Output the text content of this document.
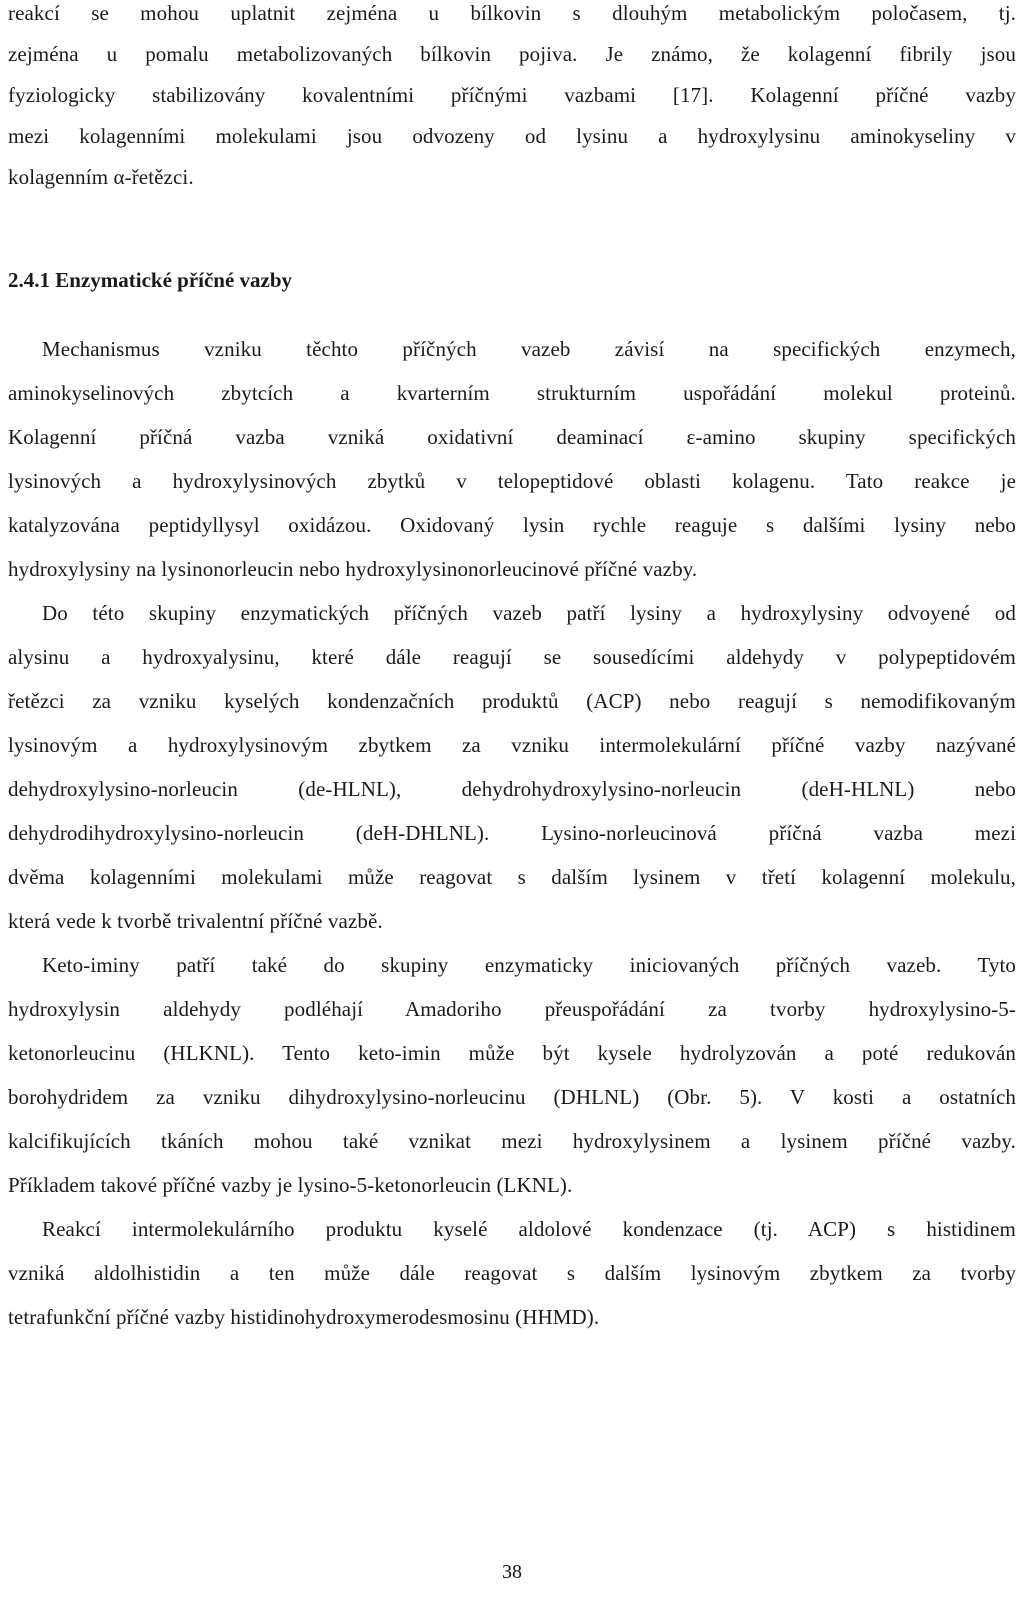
reakcí se mohou uplatnit zejména u bílkovin s dlouhým metabolickým poločasem, tj.
zejména u pomalu metabolizovaných bílkovin pojiva. Je známo, že kolagenní fibrily jsou
fyziologicky stabilizovány kovalentními příčnými vazbami [17]. Kolagenní příčné vazby
mezi kolagenními molekulami jsou odvozeny od lysinu a hydroxylysinu aminokyseliny v
kolagenním α-řetězci.
2.4.1 Enzymatické příčné vazby
Mechanismus vzniku těchto příčných vazeb závisí na specifických enzymech,
aminokyselinových zbytcích a kvarterním strukturním uspořádání molekul proteinů.
Kolagenní příčná vazba vzniká oxidativní deaminací ε-amino skupiny specifických
lysinových a hydroxylysinových zbytků v telopeptidové oblasti kolagenu. Tato reakce je
katalyzována peptidyllysyl oxidázou. Oxidovaný lysin rychle reaguje s dalšími lysiny nebo
hydroxylysiny na lysinonorleucin nebo hydroxylysinonorleucinové příčné vazby.
Do této skupiny enzymatických příčných vazeb patří lysiny a hydroxylysiny odvoyené od
alysinu a hydroxyalysinu, které dále reagují se sousedícími aldehydy v polypeptidovém
řetězci za vzniku kyselých kondenzačních produktů (ACP) nebo reagují s nemodifikovaným
lysinovým a hydroxylysinovým zbytkem za vzniku intermolekulární příčné vazby nazývané
dehydroxylysino-norleucin (de-HLNL), dehydrohydroxylysino-norleucin (deH-HLNL) nebo
dehydrodihydroxylysino-norleucin (deH-DHLNL). Lysino-norleucinová příčná vazba mezi
dvěma kolagenními molekulami může reagovat s dalším lysinem v třetí kolagenní molekulu,
která vede k tvorbě trivalentní příčné vazbě.
Keto-iminy patří také do skupiny enzymaticky iniciovaných příčných vazeb. Tyto
hydroxylysin aldehydy podléhají Amadoriho přeuspořádání za tvorby hydroxylysino-5-
ketonorleucinu (HLKNL). Tento keto-imin může být kysele hydrolyzován a poté redukován
borohydridem za vzniku dihydroxylysino-norleucinu (DHLNL) (Obr. 5). V kosti a ostatních
kalcifikujících tkáních mohou také vznikat mezi hydroxylysinem a lysinem příčné vazby.
Příkladem takové příčné vazby je lysino-5-ketonorleucin (LKNL).
Reakcí intermolekulárního produktu kyselé aldolové kondenzace (tj. ACP) s histidinem
vzniká aldolhistidin a ten může dále reagovat s dalším lysinovým zbytkem za tvorby
tetrafunkční příčné vazby histidinohydroxymerodesmosinu (HHMD).
38
